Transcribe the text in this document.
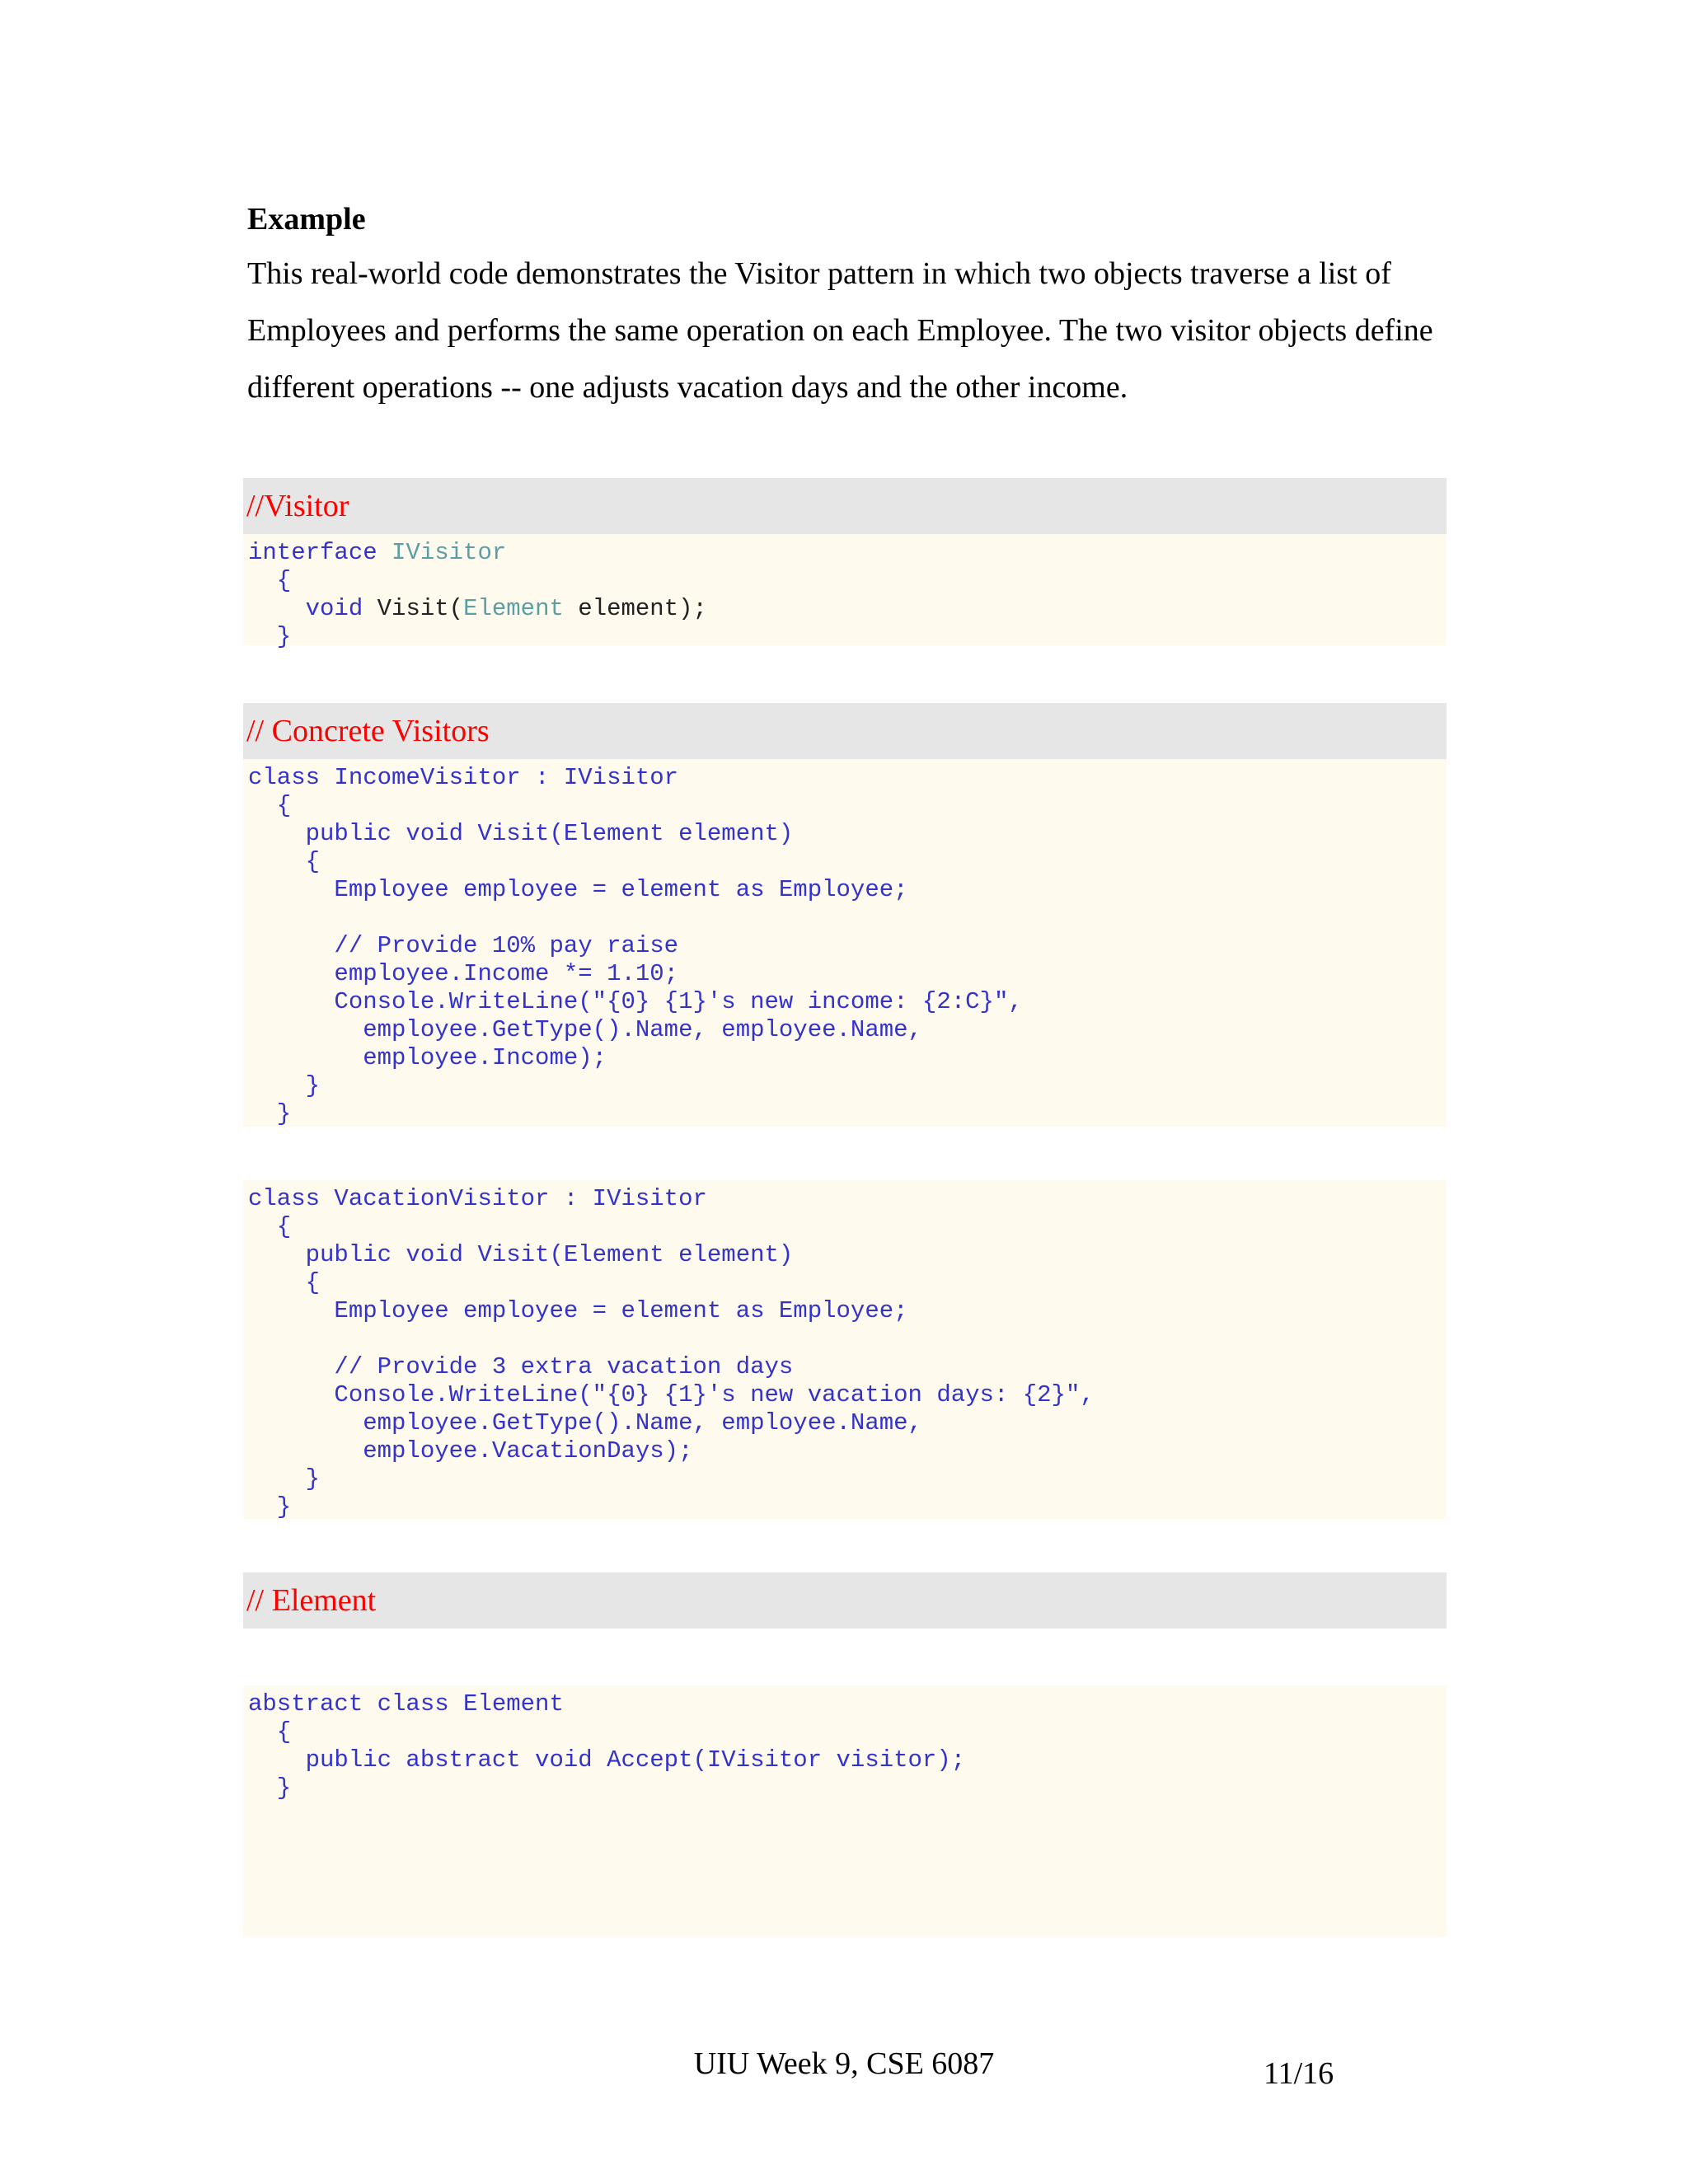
Example

This real-world code demonstrates the Visitor pattern in which two objects traverse a list of Employees and performs the same operation on each Employee. The two visitor objects define different operations -- one adjusts vacation days and the other income.

//Visitor
interface IVisitor
{
void Visit(Element element);
}
// Concrete Visitors
class IncomeVisitor : IVisitor
{
public void Visit(Element element)
{
Employee employee = element as Employee;

// Provide 10% pay raise
employee.Income *= 1.10;
Console.WriteLine("{0} {1}'s new income: {2:C}",
employee.GetType().Name, employee.Name,
employee.Income);
}
}
class VacationVisitor : IVisitor
{
public void Visit(Element element)
{
Employee employee = element as Employee;

// Provide 3 extra vacation days
Console.WriteLine("{0} {1}'s new vacation days: {2}",
employee.GetType().Name, employee.Name,
employee.VacationDays);
}
}
// Element
abstract class Element
{
public abstract void Accept(IVisitor visitor);
}
UIU Week 9, CSE 6087	11/16
